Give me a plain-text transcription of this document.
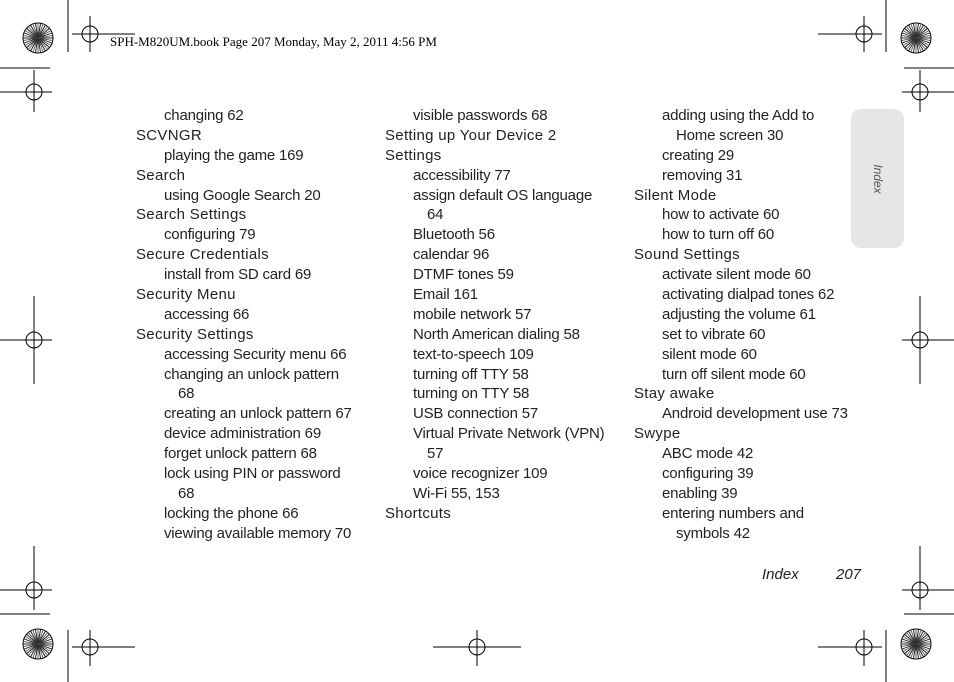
SPH-M820UM.book Page 207 Monday, May 2, 2011 4:56 PM
Index
changing 62
SCVNGR
playing the game 169
Search
using Google Search 20
Search Settings
configuring 79
Secure Credentials
install from SD card 69
Security Menu
accessing 66
Security Settings
accessing Security menu 66
changing an unlock pattern
68
creating an unlock pattern 67
device administration 69
forget unlock pattern 68
lock using PIN or password
68
locking the phone 66
viewing available memory 70
visible passwords 68
Setting up Your Device 2
Settings
accessibility 77
assign default OS language
64
Bluetooth 56
calendar 96
DTMF tones 59
Email 161
mobile network 57
North American dialing 58
text-to-speech 109
turning off TTY 58
turning on TTY 58
USB connection 57
Virtual Private Network (VPN)
57
voice recognizer 109
Wi-Fi 55, 153
Shortcuts
adding using the Add to
Home screen 30
creating 29
removing 31
Silent Mode
how to activate 60
how to turn off 60
Sound Settings
activate silent mode 60
activating dialpad tones 62
adjusting the volume 61
set to vibrate 60
silent mode 60
turn off silent mode 60
Stay awake
Android development use 73
Swype
ABC mode 42
configuring 39
enabling 39
entering numbers and
symbols 42
Index 207
